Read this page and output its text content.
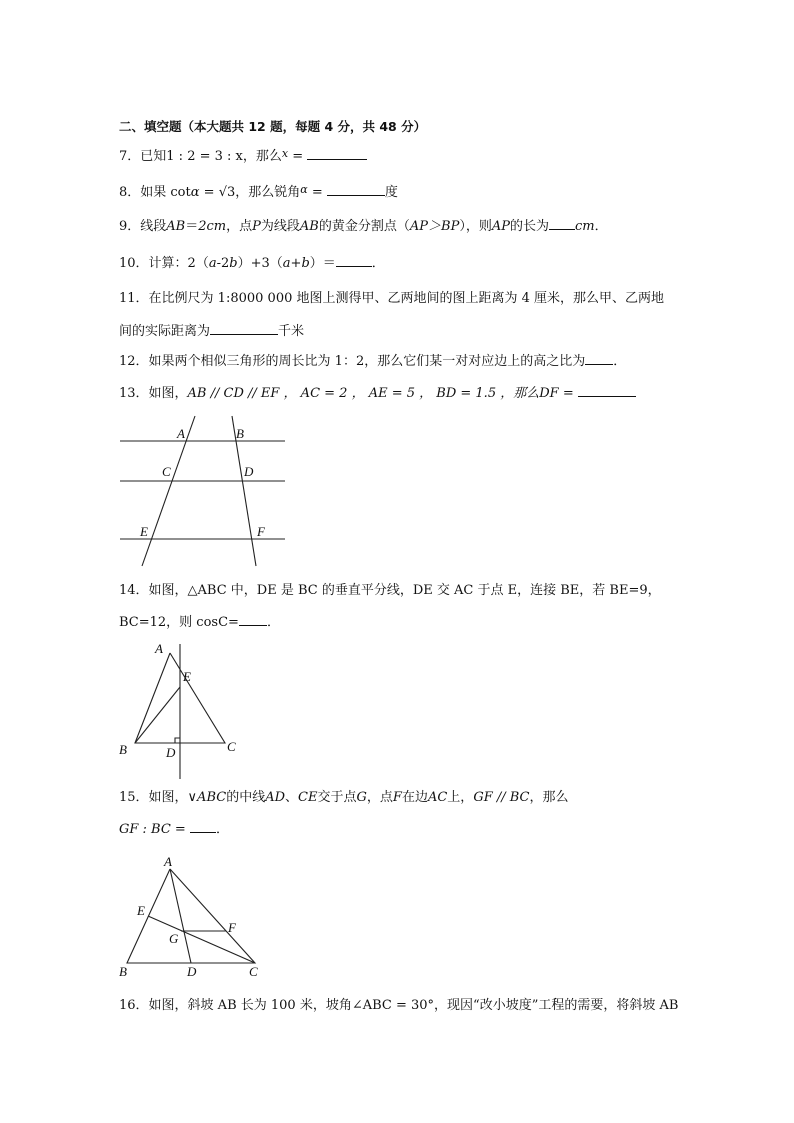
二、填空题（本大题共 12 题，每题 4 分，共 48 分）
7．已知1 : 2 = 3 : x，那么$^x$ =
8．如果 cotα = √3，那么锐角$^\alpha$ =	度
9．线段AB＝2cm，点P为线段AB的黄金分割点（AP＞BP），则AP的长为 cm．
10．计算：2（a-2b）+3（a+b）＝	．
11．在比例尺为 1:8000 000 地图上测得甲、乙两地间的图上距离为 4 厘米，那么甲、乙两地
间的实际距离为	千米
12．如果两个相似三角形的周长比为 1：2，那么它们某一对对应边上的高之比为 ．
13．如图，AB // CD // EF ， AC = 2 ， AE = 5 ， BD = 1.5 ，那么DF =
A	B
C	D
E	F
14．如图，△ABC 中，DE 是 BC 的垂直平分线，DE 交 AC 于点 E，连接 BE，若 BE=9，
BC=12，则 cosC= ．
A
E
B	D	C
15．如图，∨ABC的中线AD、CE交于点G，点F在边AC上，GF // BC，那么
GF : BC = ．
A
E
F
G
B	D	C
16．如图，斜坡 AB 长为 100 米，坡角∠ABC = 30°，现因“改小坡度”工程的需要，将斜坡 AB
